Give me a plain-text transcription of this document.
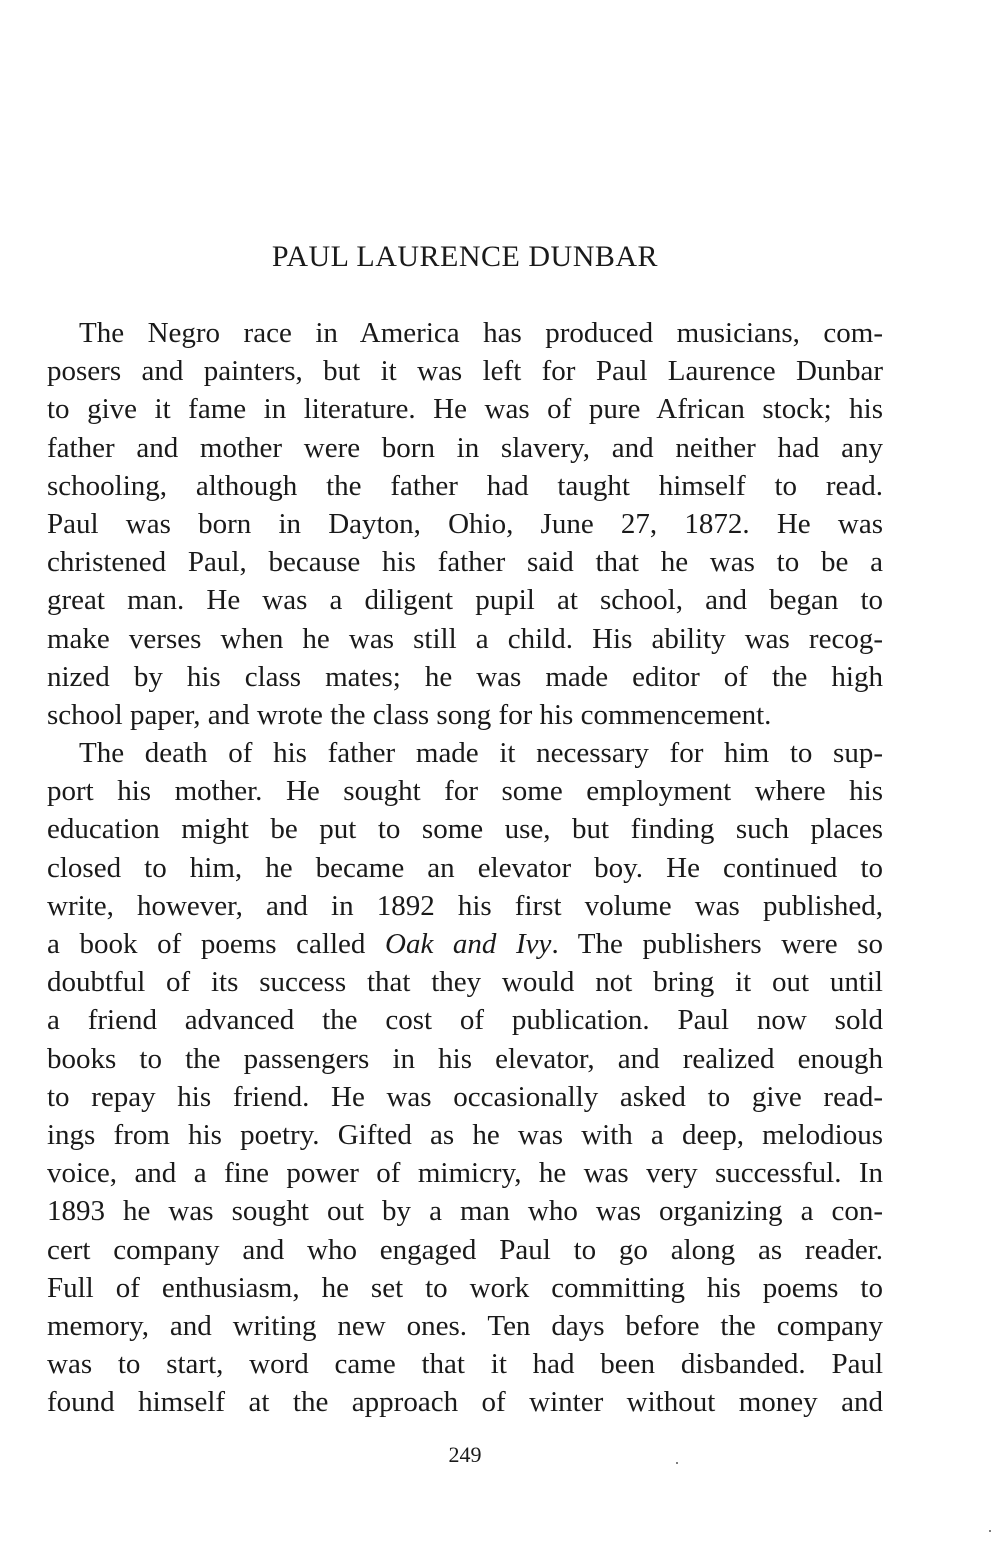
PAUL LAURENCE DUNBAR
The Negro race in America has produced musicians, com-
posers and painters, but it was left for Paul Laurence Dunbar
to give it fame in literature. He was of pure African stock; his
father and mother were born in slavery, and neither had any
schooling, although the father had taught himself to read.
Paul was born in Dayton, Ohio, June 27, 1872. He was
christened Paul, because his father said that he was to be a
great man. He was a diligent pupil at school, and began to
make verses when he was still a child. His ability was recog-
nized by his class mates; he was made editor of the high
school paper, and wrote the class song for his commencement.
The death of his father made it necessary for him to sup-
port his mother. He sought for some employment where his
education might be put to some use, but finding such places
closed to him, he became an elevator boy. He continued to
write, however, and in 1892 his first volume was published,
a book of poems called Oak and Ivy. The publishers were so
doubtful of its success that they would not bring it out until
a friend advanced the cost of publication. Paul now sold
books to the passengers in his elevator, and realized enough
to repay his friend. He was occasionally asked to give read-
ings from his poetry. Gifted as he was with a deep, melodious
voice, and a fine power of mimicry, he was very successful. In
1893 he was sought out by a man who was organizing a con-
cert company and who engaged Paul to go along as reader.
Full of enthusiasm, he set to work committing his poems to
memory, and writing new ones. Ten days before the company
was to start, word came that it had been disbanded. Paul
found himself at the approach of winter without money and
249
